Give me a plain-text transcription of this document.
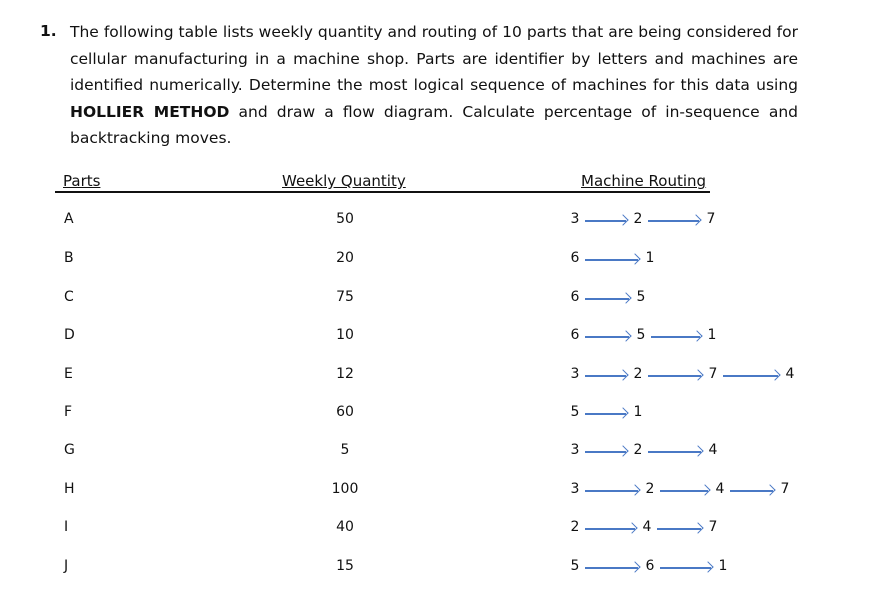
1. The following table lists weekly quantity and routing of 10 parts that are being considered for cellular manufacturing in a machine shop. Parts are identifier by letters and machines are identified numerically. Determine the most logical sequence of machines for this data using HOLLIER METHOD and draw a flow diagram. Calculate percentage of in-sequence and backtracking moves.
Parts	Weekly Quantity	Machine Routing
A	50	3	2	7
B	20	6	1
C	75	6	5
D	10	6	5	1
E	12	3	2	7	4
F	60	5	1
G	5	3	2	4
H	100	3	2	4	7
I	40	2	4	7
J	15	5	6	1
